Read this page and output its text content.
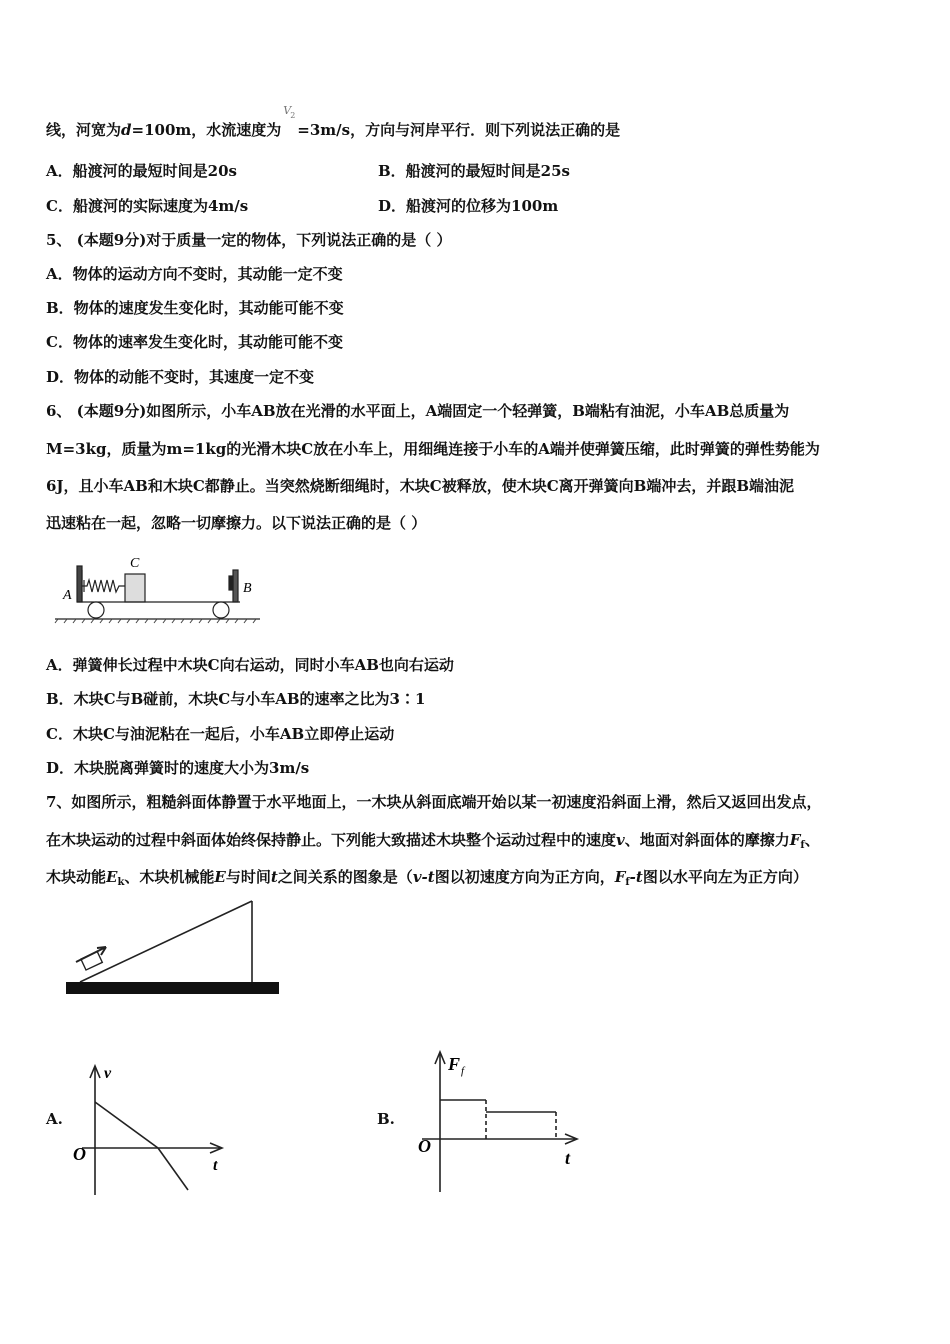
线，河宽为d=100m，水流速度为
V 2
=3m/s，方向与河岸平行．则下列说法正确的是
A．船渡河的最短时间是20s	B．船渡河的最短时间是25s
C．船渡河的实际速度为4m/s	D．船渡河的位移为100m
5、 (本题9分)对于质量一定的物体，下列说法正确的是（ ）
A．物体的运动方向不变时，其动能一定不变
B．物体的速度发生变化时，其动能可能不变
C．物体的速率发生变化时，其动能可能不变
D．物体的动能不变时，其速度一定不变
6、 (本题9分)如图所示，小车AB放在光滑的水平面上，A端固定一个轻弹簧，B端粘有油泥，小车AB总质量为
M=3kg，质量为m=1kg的光滑木块C放在小车上，用细绳连接于小车的A端并使弹簧压缩，此时弹簧的弹性势能为
6J，且小车AB和木块C都静止。当突然烧断细绳时，木块C被释放，使木块C离开弹簧向B端冲去，并跟B端油泥
迅速粘在一起，忽略一切摩擦力。以下说法正确的是（ ）
A	B
C
A．弹簧伸长过程中木块C向右运动，同时小车AB也向右运动
B．木块C与B碰前，木块C与小车AB的速率之比为3∶1
C．木块C与油泥粘在一起后，小车AB立即停止运动
D．木块脱离弹簧时的速度大小为3m/s
7、如图所示，粗糙斜面体静置于水平地面上，一木块从斜面底端开始以某一初速度沿斜面上滑，然后又返回出发点，
在木块运动的过程中斜面体始终保持静止。下列能大致描述木块整个运动过程中的速度v、地面对斜面体的摩擦力$F_f$、
木块动能$E_k$、木块机械能E与时间t之间关系的图象是（v-t图以初速度方向为正方向，$F_f-t$图以水平向左为正方向）
A.
v
t
O
B.
F f
t
O
